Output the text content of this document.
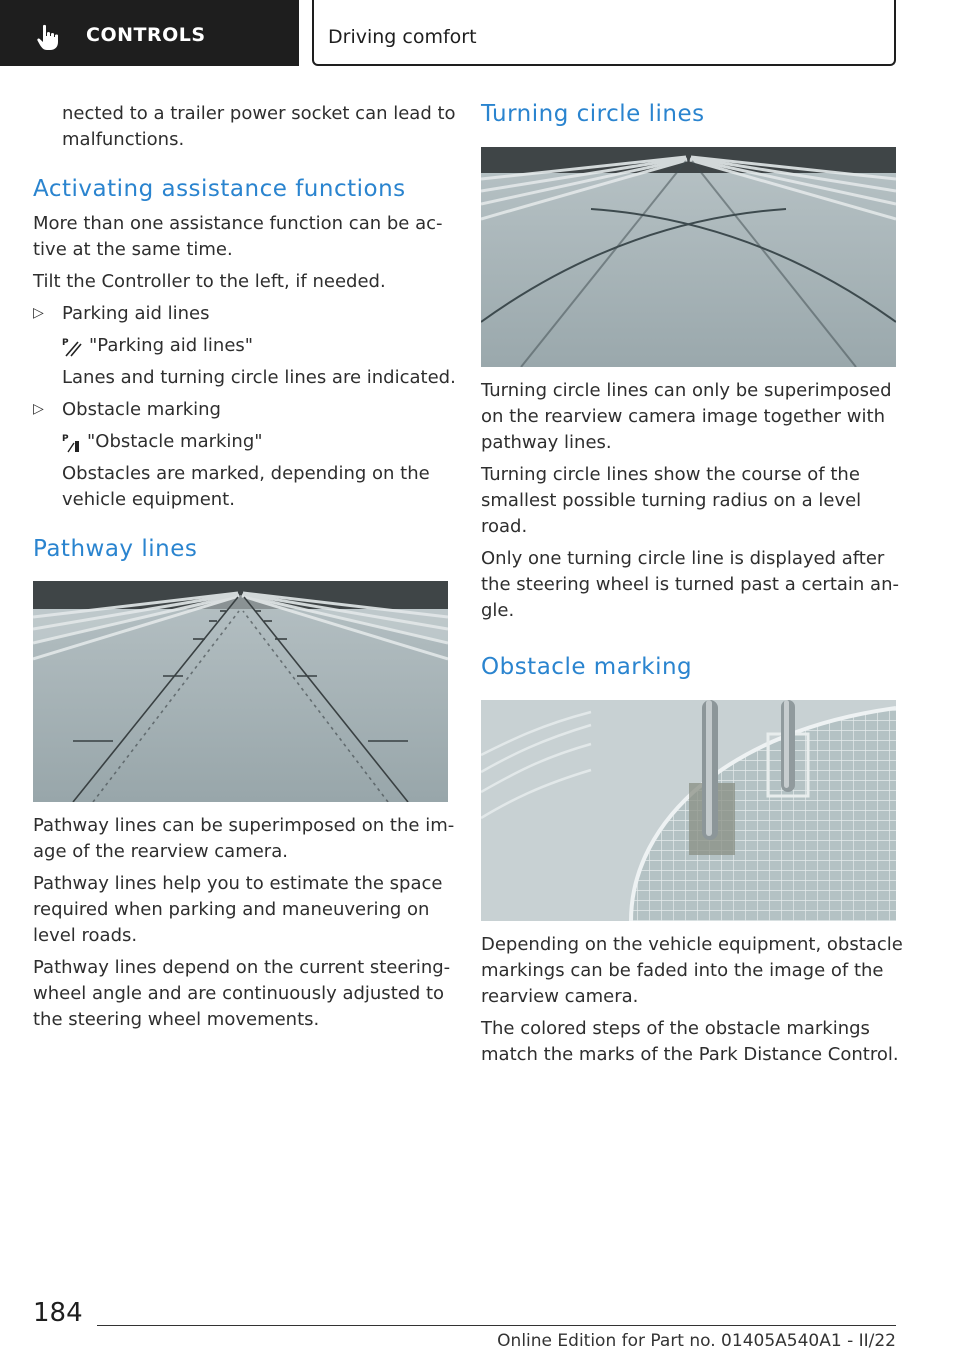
CONTROLS	Driving comfort

nected to a trailer power socket can lead to

malfunctions.

Activating assistance functions

More than one assistance function can be ac-

tive at the same time.

Tilt the Controller to the left, if needed.

▷ Parking aid lines

P "Parking aid lines"

Lanes and turning circle lines are indicated.

▷ Obstacle marking

P "Obstacle marking"

Obstacles are marked, depending on the

vehicle equipment.

Pathway lines

Pathway lines can be superimposed on the im-

age of the rearview camera.

Pathway lines help you to estimate the space

required when parking and maneuvering on

level roads.

Pathway lines depend on the current steering-

wheel angle and are continuously adjusted to

the steering wheel movements.

Turning circle lines

Turning circle lines can only be superimposed

on the rearview camera image together with

pathway lines.

Turning circle lines show the course of the

smallest possible turning radius on a level

road.

Only one turning circle line is displayed after

the steering wheel is turned past a certain an-

gle.

Obstacle marking

Depending on the vehicle equipment, obstacle

markings can be faded into the image of the

rearview camera.

The colored steps of the obstacle markings

match the marks of the Park Distance Control.

184
Online Edition for Part no. 01405A540A1 - II/22
